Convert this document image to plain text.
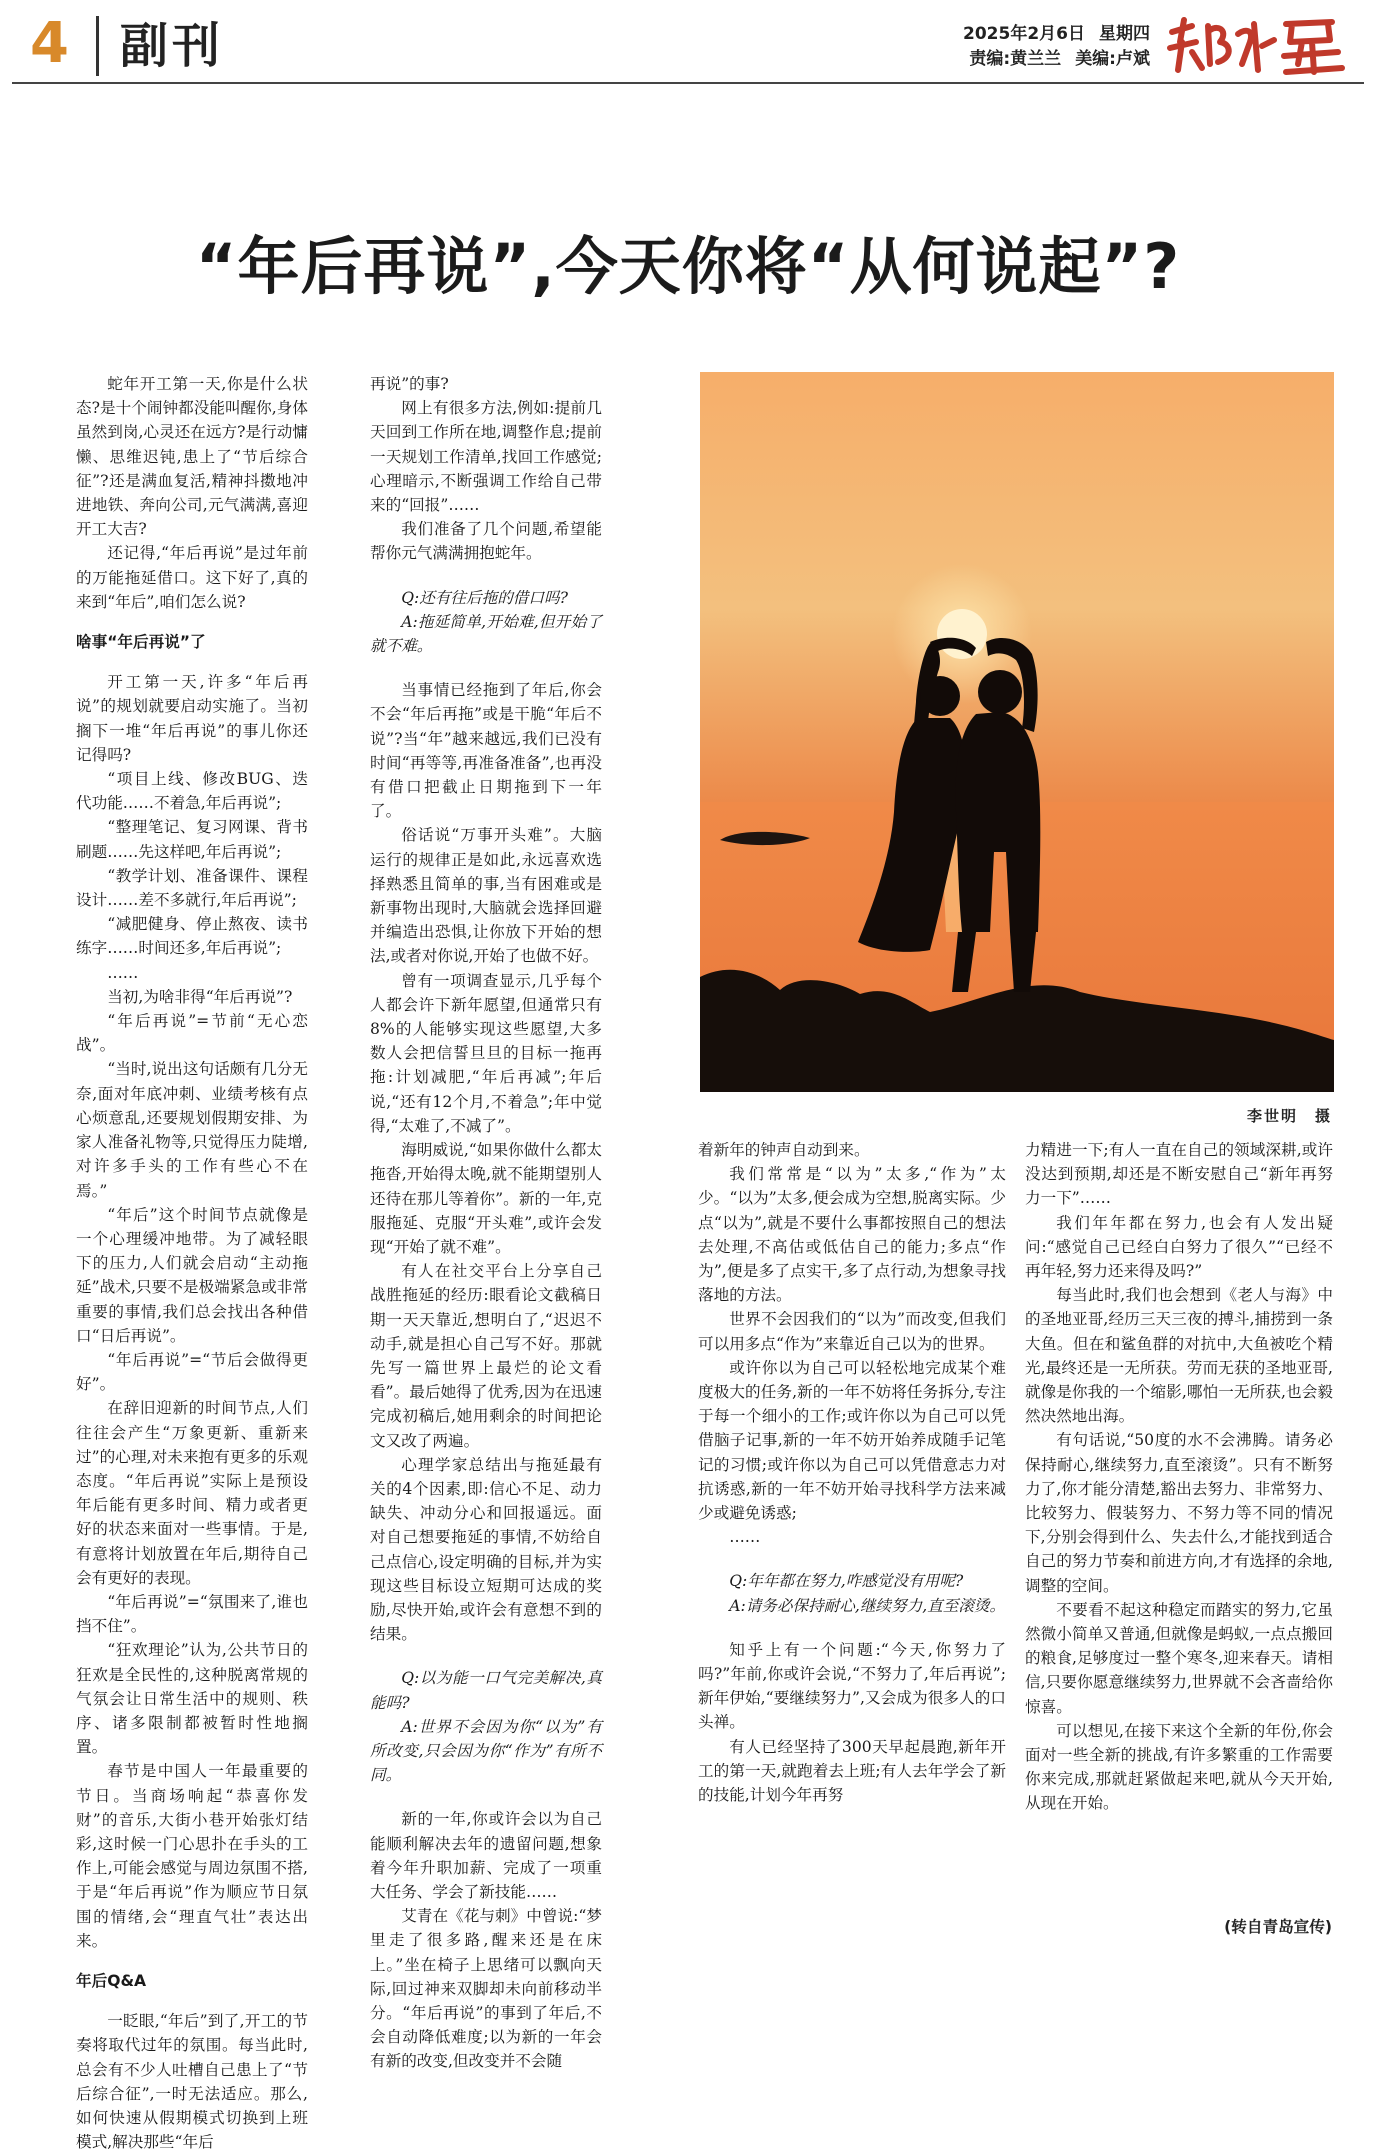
4 副刊	2025年2月6日 星期四
责编:黄兰兰 美编:卢斌
“年后再说”,今天你将“从何说起”?

蛇年开工第一天,你是什么状态?是十个闹钟都没能叫醒你,身体虽然到岗,心灵还在远方?是行动慵懒、思维迟钝,患上了“节后综合征”?还是满血复活,精神抖擞地冲进地铁、奔向公司,元气满满,喜迎开工大吉?

还记得,“年后再说”是过年前的万能拖延借口。这下好了,真的来到“年后”,咱们怎么说?

啥事“年后再说”了

开工第一天,许多“年后再说”的规划就要启动实施了。当初搁下一堆“年后再说”的事儿你还记得吗?

“项目上线、修改BUG、迭代功能……不着急,年后再说”;

“整理笔记、复习网课、背书刷题……先这样吧,年后再说”;

“教学计划、准备课件、课程设计……差不多就行,年后再说”;

“减肥健身、停止熬夜、读书练字……时间还多,年后再说”;

……

当初,为啥非得“年后再说”?

“年后再说”=节前“无心恋战”。

“当时,说出这句话颇有几分无奈,面对年底冲刺、业绩考核有点心烦意乱,还要规划假期安排、为家人准备礼物等,只觉得压力陡增,对许多手头的工作有些心不在焉。”

“年后”这个时间节点就像是一个心理缓冲地带。为了减轻眼下的压力,人们就会启动“主动拖延”战术,只要不是极端紧急或非常重要的事情,我们总会找出各种借口“日后再说”。

“年后再说”=“节后会做得更好”。

在辞旧迎新的时间节点,人们往往会产生“万象更新、重新来过”的心理,对未来抱有更多的乐观态度。“年后再说”实际上是预设年后能有更多时间、精力或者更好的状态来面对一些事情。于是,有意将计划放置在年后,期待自己会有更好的表现。

“年后再说”=“氛围来了,谁也挡不住”。

“狂欢理论”认为,公共节日的狂欢是全民性的,这种脱离常规的气氛会让日常生活中的规则、秩序、诸多限制都被暂时性地搁置。

春节是中国人一年最重要的节日。当商场响起“恭喜你发财”的音乐,大街小巷开始张灯结彩,这时候一门心思扑在手头的工作上,可能会感觉与周边氛围不搭,于是“年后再说”作为顺应节日氛围的情绪,会“理直气壮”表达出来。

年后Q&A

一眨眼,“年后”到了,开工的节奏将取代过年的氛围。每当此时,总会有不少人吐槽自己患上了“节后综合征”,一时无法适应。那么,如何快速从假期模式切换到上班模式,解决那些“年后

再说”的事?

网上有很多方法,例如:提前几天回到工作所在地,调整作息;提前一天规划工作清单,找回工作感觉;心理暗示,不断强调工作给自己带来的“回报”……

我们准备了几个问题,希望能帮你元气满满拥抱蛇年。

Q:还有往后拖的借口吗?

A:拖延简单,开始难,但开始了就不难。

当事情已经拖到了年后,你会不会“年后再拖”或是干脆“年后不说”?当“年”越来越远,我们已没有时间“再等等,再准备准备”,也再没有借口把截止日期拖到下一年了。

俗话说“万事开头难”。大脑运行的规律正是如此,永远喜欢选择熟悉且简单的事,当有困难或是新事物出现时,大脑就会选择回避并编造出恐惧,让你放下开始的想法,或者对你说,开始了也做不好。

曾有一项调查显示,几乎每个人都会许下新年愿望,但通常只有8%的人能够实现这些愿望,大多数人会把信誓旦旦的目标一拖再拖:计划减肥,“年后再减”;年后说,“还有12个月,不着急”;年中觉得,“太难了,不减了”。

海明威说,“如果你做什么都太拖沓,开始得太晚,就不能期望别人还待在那儿等着你”。新的一年,克服拖延、克服“开头难”,或许会发现“开始了就不难”。

有人在社交平台上分享自己战胜拖延的经历:眼看论文截稿日期一天天靠近,想明白了,“迟迟不动手,就是担心自己写不好。那就先写一篇世界上最烂的论文看看”。最后她得了优秀,因为在迅速完成初稿后,她用剩余的时间把论文又改了两遍。

心理学家总结出与拖延最有关的4个因素,即:信心不足、动力缺失、冲动分心和回报遥远。面对自己想要拖延的事情,不妨给自己点信心,设定明确的目标,并为实现这些目标设立短期可达成的奖励,尽快开始,或许会有意想不到的结果。

Q:以为能一口气完美解决,真能吗?

A:世界不会因为你“以为”有所改变,只会因为你“作为”有所不同。

新的一年,你或许会以为自己能顺利解决去年的遗留问题,想象着今年升职加薪、完成了一项重大任务、学会了新技能……

艾青在《花与刺》中曾说:“梦里走了很多路,醒来还是在床上。”坐在椅子上思绪可以飘向天际,回过神来双脚却未向前移动半分。“年后再说”的事到了年后,不会自动降低难度;以为新的一年会有新的改变,但改变并不会随

李世明　摄

着新年的钟声自动到来。

我们常常是“以为”太多,“作为”太少。“以为”太多,便会成为空想,脱离实际。少点“以为”,就是不要什么事都按照自己的想法去处理,不高估或低估自己的能力;多点“作为”,便是多了点实干,多了点行动,为想象寻找落地的方法。

世界不会因我们的“以为”而改变,但我们可以用多点“作为”来靠近自己以为的世界。

或许你以为自己可以轻松地完成某个难度极大的任务,新的一年不妨将任务拆分,专注于每一个细小的工作;或许你以为自己可以凭借脑子记事,新的一年不妨开始养成随手记笔记的习惯;或许你以为自己可以凭借意志力对抗诱惑,新的一年不妨开始寻找科学方法来减少或避免诱惑;

……

Q:年年都在努力,咋感觉没有用呢?

A:请务必保持耐心,继续努力,直至滚烫。

知乎上有一个问题:“今天,你努力了吗?”年前,你或许会说,“不努力了,年后再说”;新年伊始,“要继续努力”,又会成为很多人的口头禅。

有人已经坚持了300天早起晨跑,新年开工的第一天,就跑着去上班;有人去年学会了新的技能,计划今年再努

力精进一下;有人一直在自己的领域深耕,或许没达到预期,却还是不断安慰自己“新年再努力一下”……

我们年年都在努力,也会有人发出疑问:“感觉自己已经白白努力了很久”“已经不再年轻,努力还来得及吗?”

每当此时,我们也会想到《老人与海》中的圣地亚哥,经历三天三夜的搏斗,捕捞到一条大鱼。但在和鲨鱼群的对抗中,大鱼被吃个精光,最终还是一无所获。劳而无获的圣地亚哥,就像是你我的一个缩影,哪怕一无所获,也会毅然决然地出海。

有句话说,“50度的水不会沸腾。请务必保持耐心,继续努力,直至滚烫”。只有不断努力了,你才能分清楚,豁出去努力、非常努力、比较努力、假装努力、不努力等不同的情况下,分别会得到什么、失去什么,才能找到适合自己的努力节奏和前进方向,才有选择的余地,调整的空间。

不要看不起这种稳定而踏实的努力,它虽然微小简单又普通,但就像是蚂蚁,一点点搬回的粮食,足够度过一整个寒冬,迎来春天。请相信,只要你愿意继续努力,世界就不会吝啬给你惊喜。

可以想见,在接下来这个全新的年份,你会面对一些全新的挑战,有许多繁重的工作需要你来完成,那就赶紧做起来吧,就从今天开始,从现在开始。

(转自青岛宣传)
